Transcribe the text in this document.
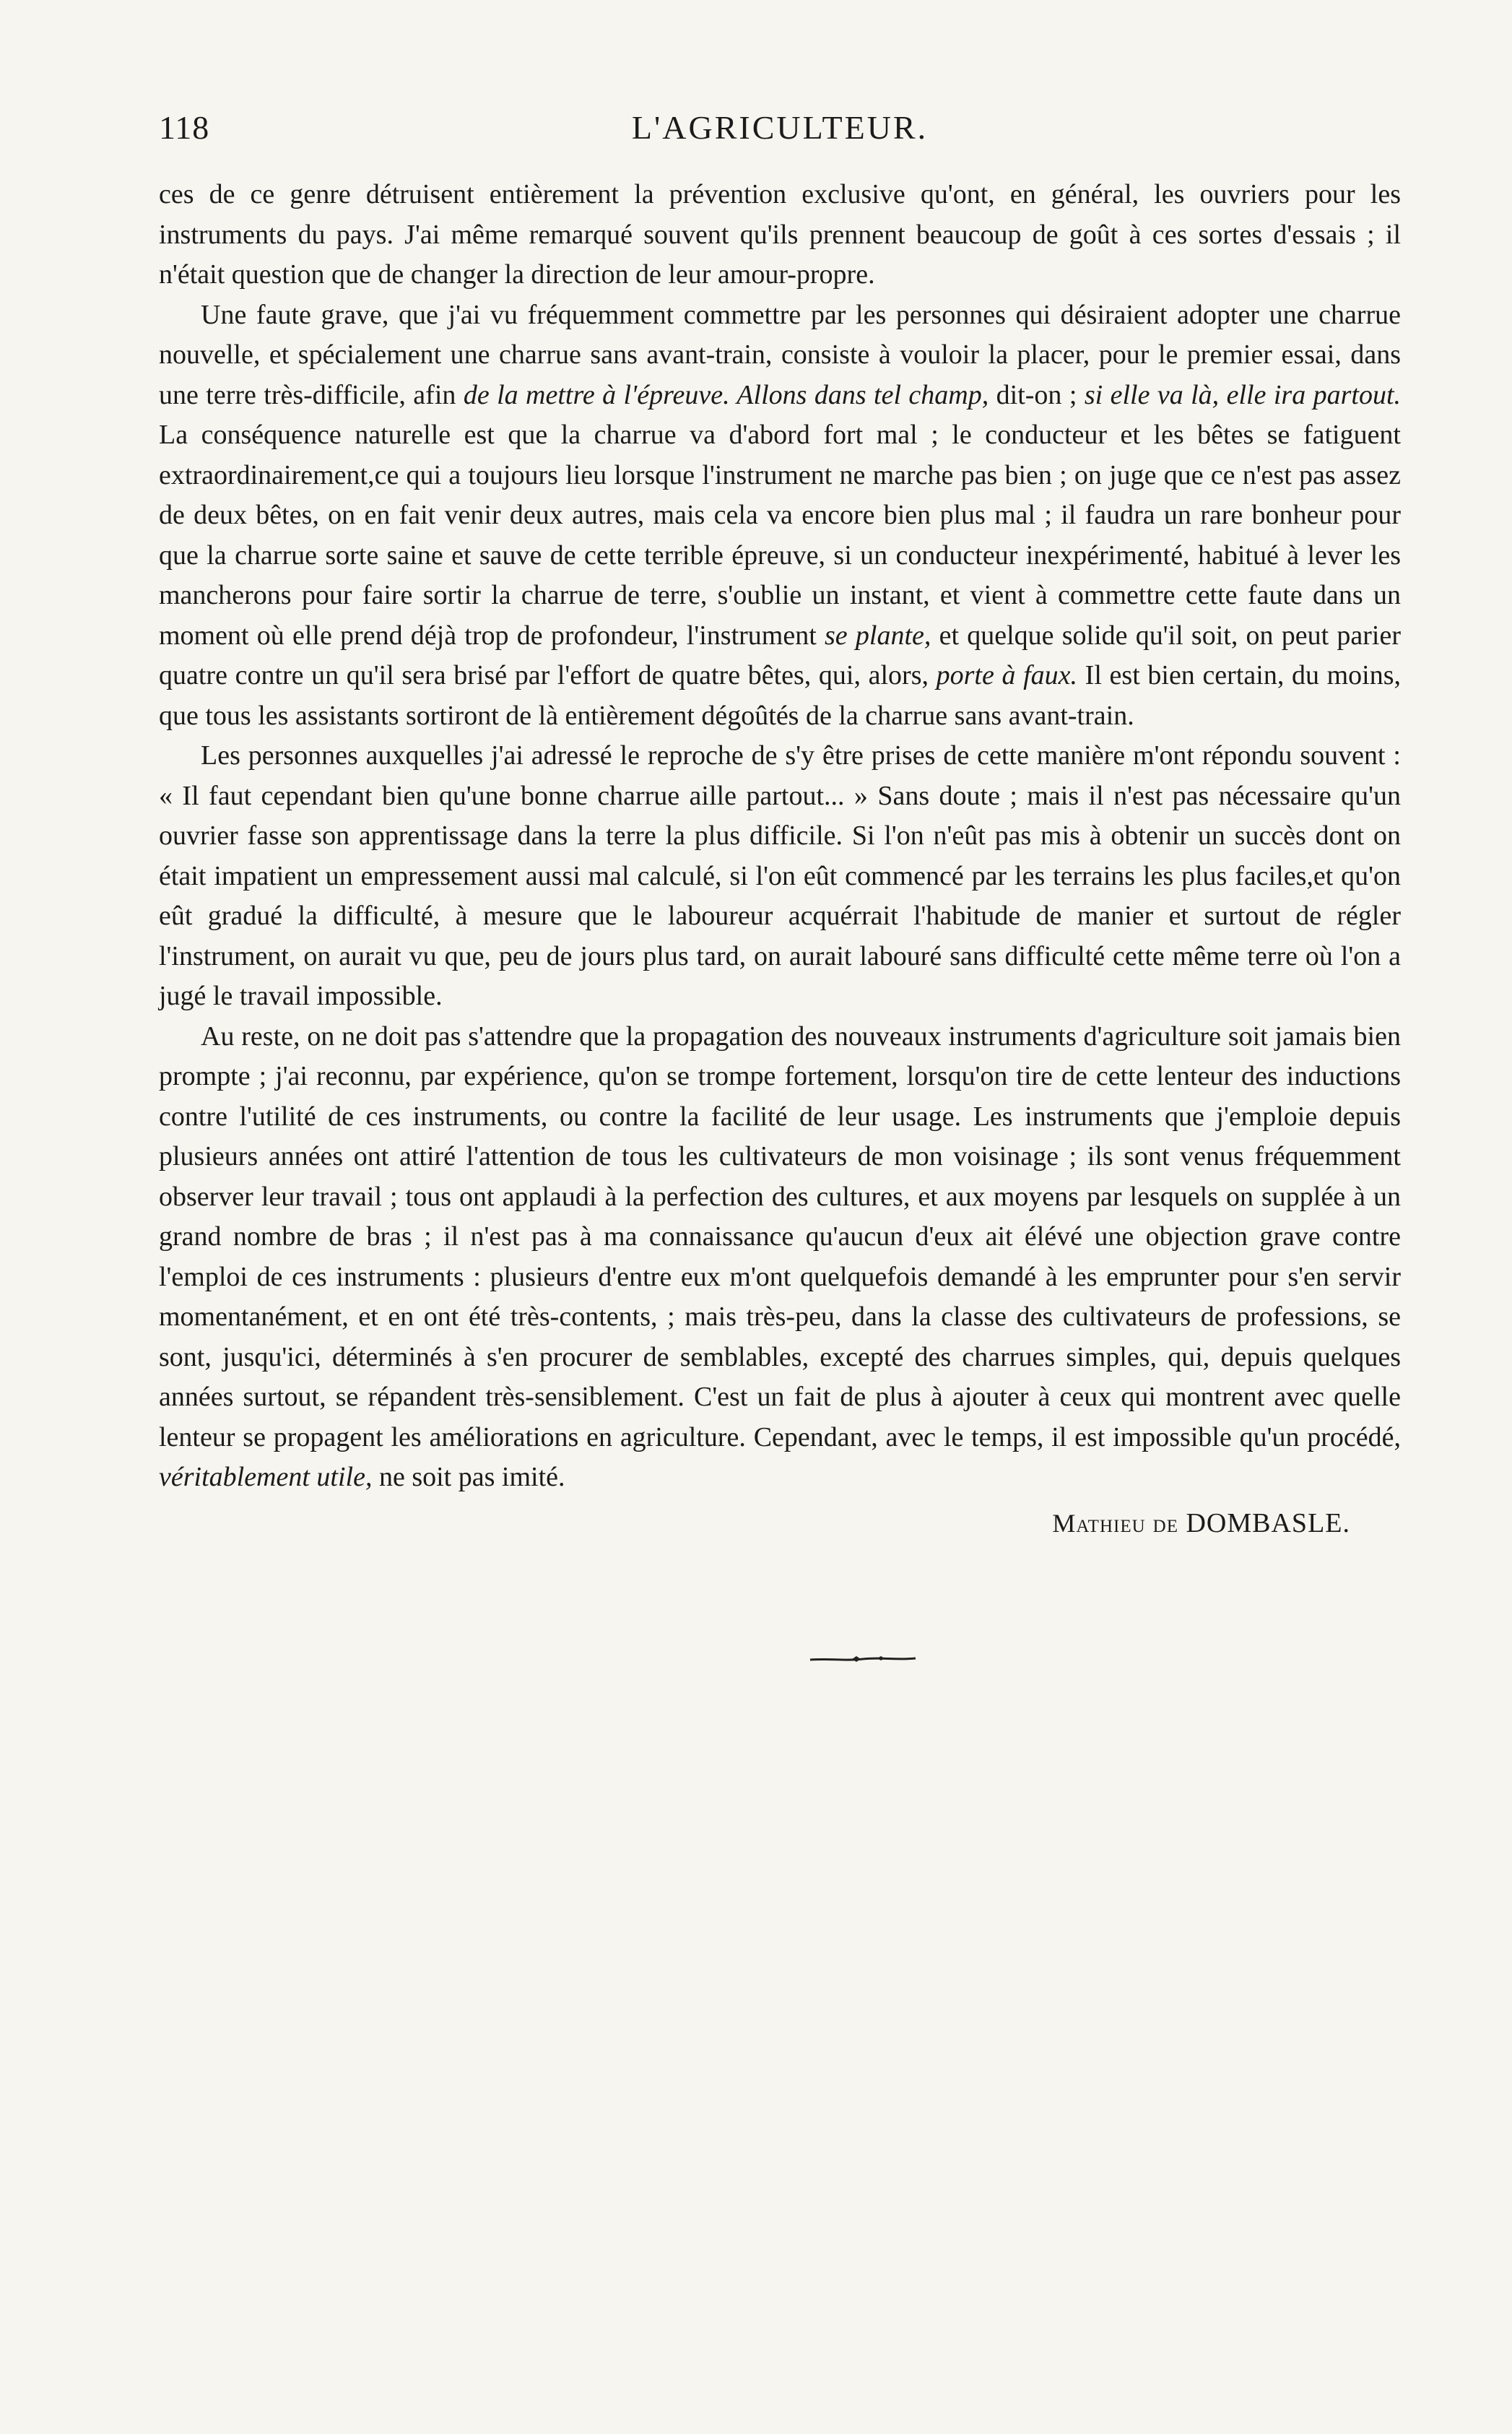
118	L'AGRICULTEUR.

ces de ce genre détruisent entièrement la prévention exclusive qu'ont, en général, les ouvriers pour les instruments du pays. J'ai même remarqué souvent qu'ils prennent beaucoup de goût à ces sortes d'essais ; il n'était question que de changer la direction de leur amour-propre.

Une faute grave, que j'ai vu fréquemment commettre par les personnes qui désiraient adopter une charrue nouvelle, et spécialement une charrue sans avant-train, consiste à vouloir la placer, pour le premier essai, dans une terre très-difficile, afin de la mettre à l'épreuve. Allons dans tel champ, dit-on ; si elle va là, elle ira partout. La conséquence naturelle est que la charrue va d'abord fort mal ; le conducteur et les bêtes se fatiguent extraordinairement,ce qui a toujours lieu lorsque l'instrument ne marche pas bien ; on juge que ce n'est pas assez de deux bêtes, on en fait venir deux autres, mais cela va encore bien plus mal ; il faudra un rare bonheur pour que la charrue sorte saine et sauve de cette terrible épreuve, si un conducteur inexpérimenté, habitué à lever les mancherons pour faire sortir la charrue de terre, s'oublie un instant, et vient à commettre cette faute dans un moment où elle prend déjà trop de profondeur, l'instrument se plante, et quelque solide qu'il soit, on peut parier quatre contre un qu'il sera brisé par l'effort de quatre bêtes, qui, alors, porte à faux. Il est bien certain, du moins, que tous les assistants sortiront de là entièrement dégoûtés de la charrue sans avant-train.

Les personnes auxquelles j'ai adressé le reproche de s'y être prises de cette manière m'ont répondu souvent : « Il faut cependant bien qu'une bonne charrue aille partout... » Sans doute ; mais il n'est pas nécessaire qu'un ouvrier fasse son apprentissage dans la terre la plus difficile. Si l'on n'eût pas mis à obtenir un succès dont on était impatient un empressement aussi mal calculé, si l'on eût commencé par les terrains les plus faciles,et qu'on eût gradué la difficulté, à mesure que le laboureur acquérrait l'habitude de manier et surtout de régler l'instrument, on aurait vu que, peu de jours plus tard, on aurait labouré sans difficulté cette même terre où l'on a jugé le travail impossible.

Au reste, on ne doit pas s'attendre que la propagation des nouveaux instruments d'agriculture soit jamais bien prompte ; j'ai reconnu, par expérience, qu'on se trompe fortement, lorsqu'on tire de cette lenteur des inductions contre l'utilité de ces instruments, ou contre la facilité de leur usage. Les instruments que j'emploie depuis plusieurs années ont attiré l'attention de tous les cultivateurs de mon voisinage ; ils sont venus fréquemment observer leur travail ; tous ont applaudi à la perfection des cultures, et aux moyens par lesquels on supplée à un grand nombre de bras ; il n'est pas à ma connaissance qu'aucun d'eux ait élévé une objection grave contre l'emploi de ces instruments : plusieurs d'entre eux m'ont quelquefois demandé à les emprunter pour s'en servir momentanément, et en ont été très-contents, ; mais très-peu, dans la classe des cultivateurs de professions, se sont, jusqu'ici, déterminés à s'en procurer de semblables, excepté des charrues simples, qui, depuis quelques années surtout, se répandent très-sensiblement. C'est un fait de plus à ajouter à ceux qui montrent avec quelle lenteur se propagent les améliorations en agriculture. Cependant, avec le temps, il est impossible qu'un procédé, véritablement utile, ne soit pas imité.

Mathieu de DOMBASLE.
